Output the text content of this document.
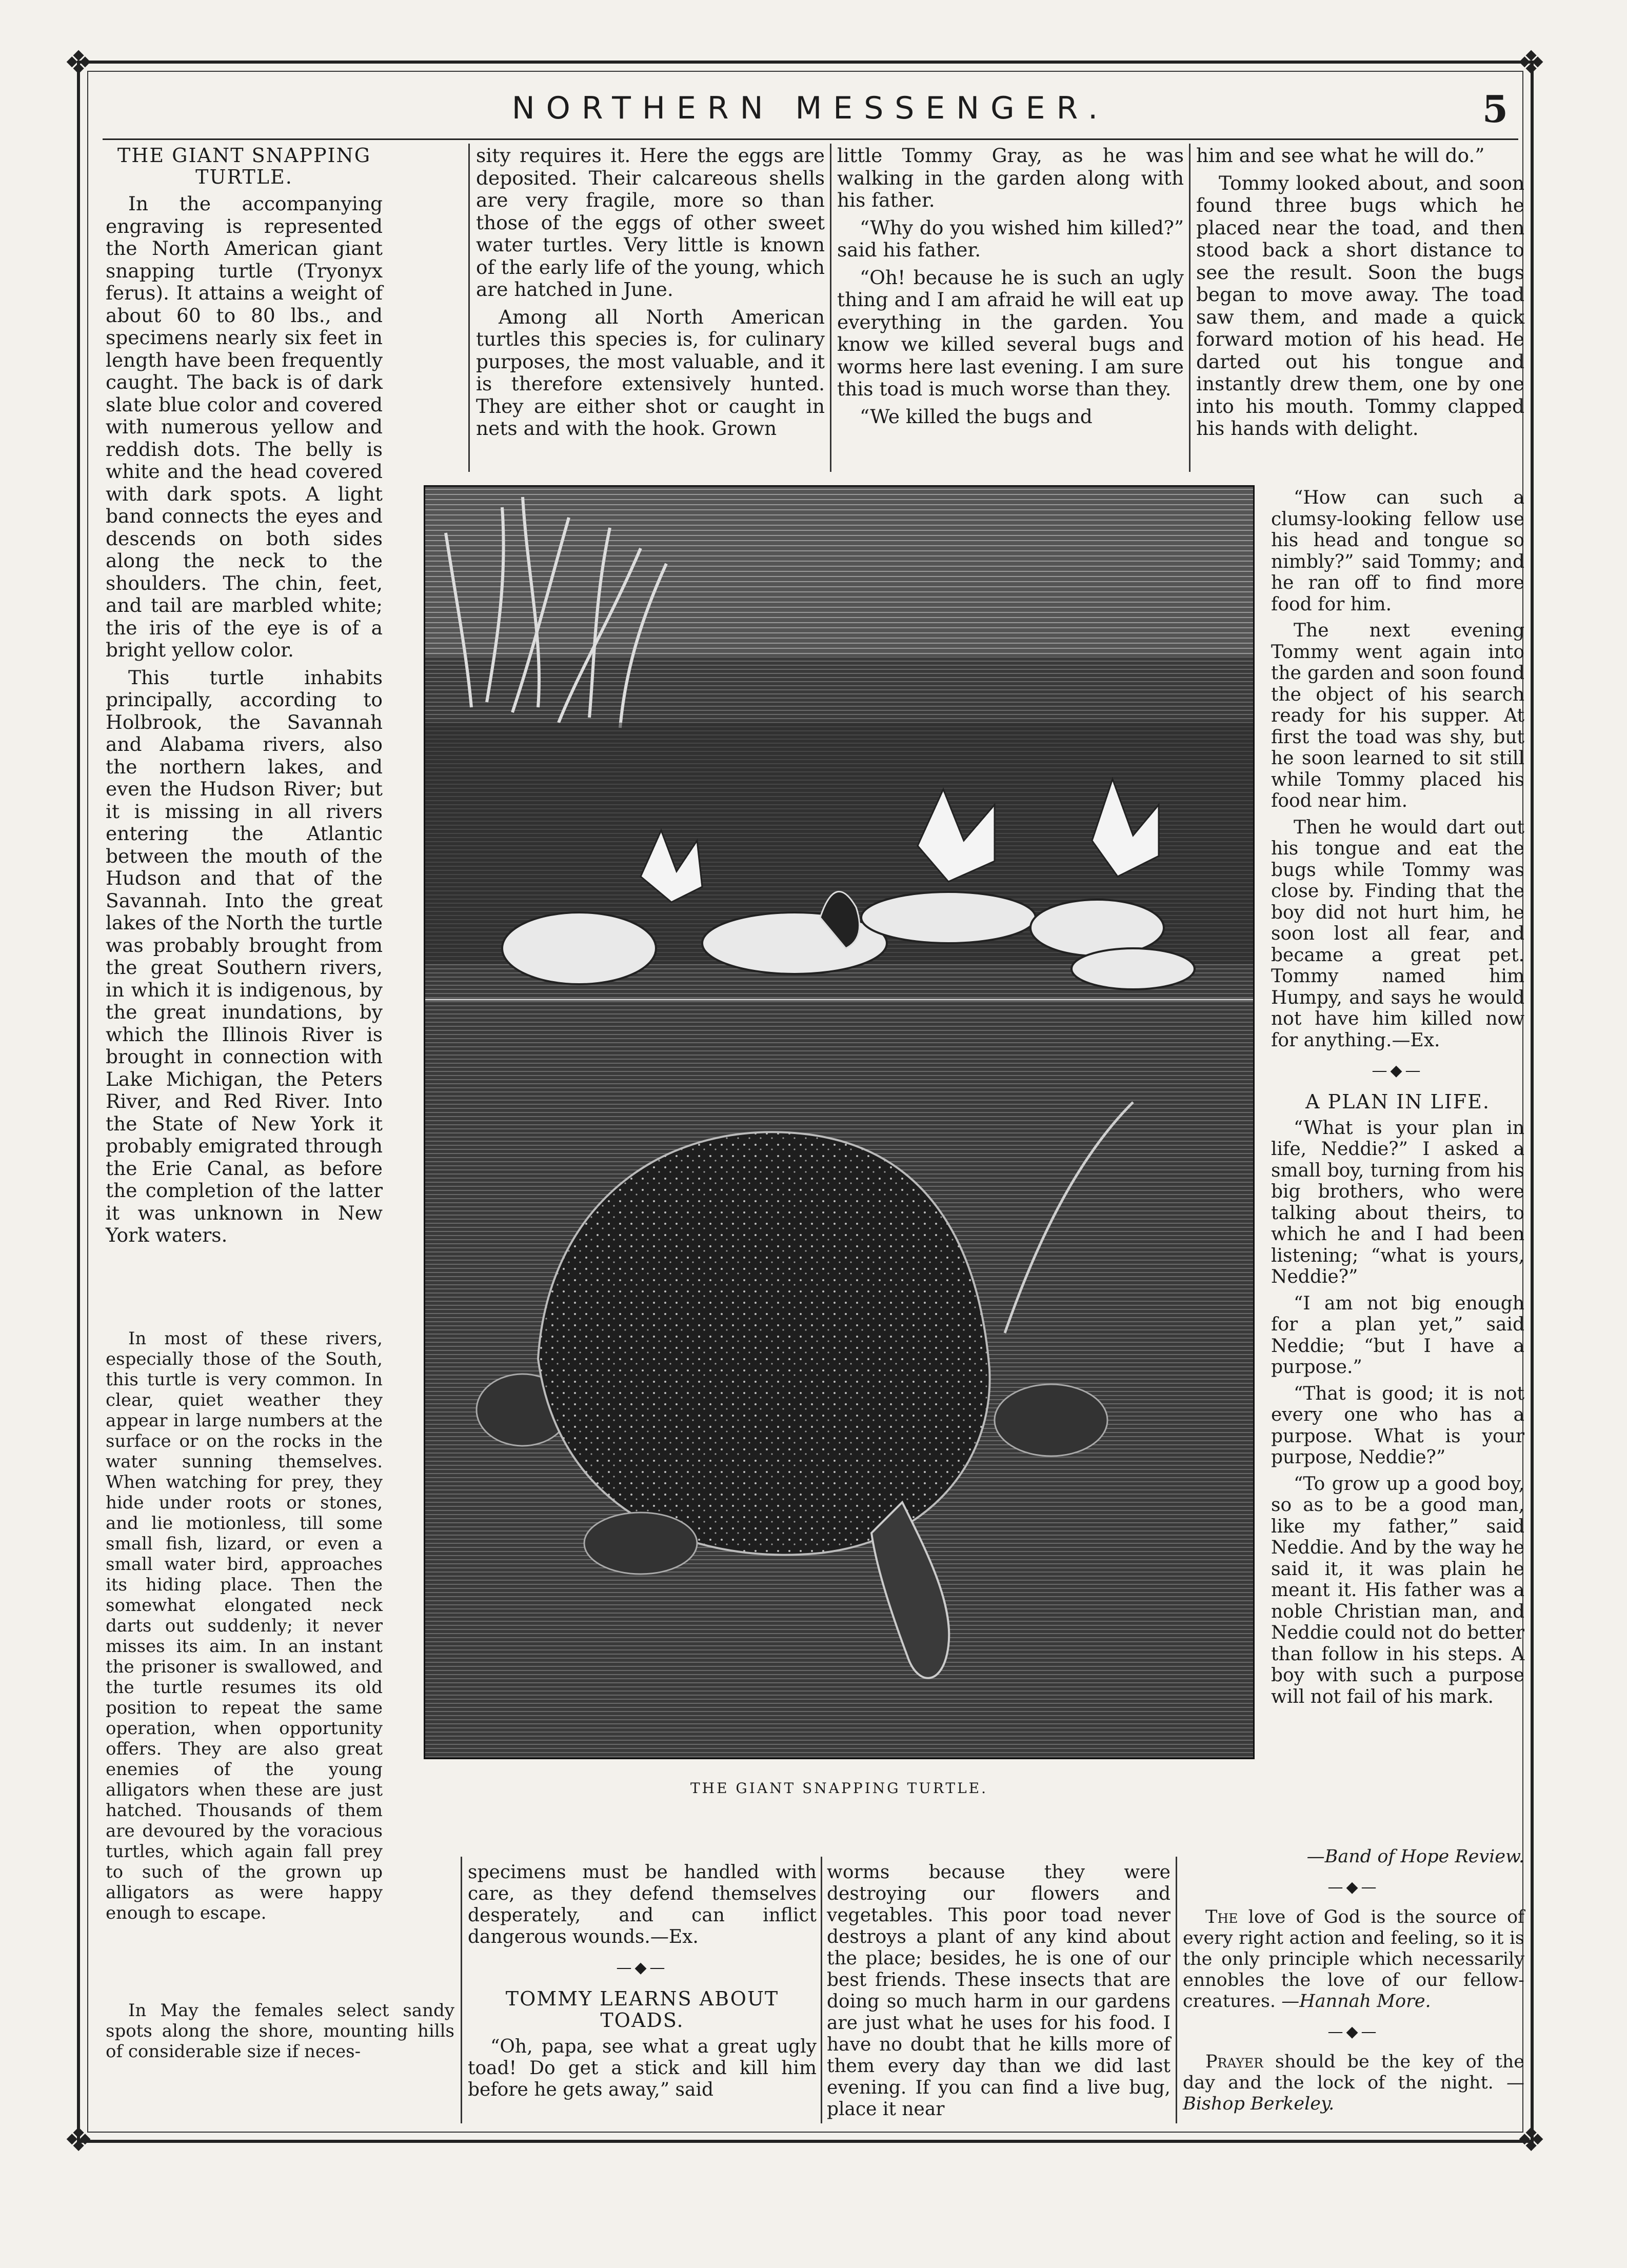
❖	❖
❖	❖
NORTHERN MESSENGER.	5
THE GIANT SNAPPING TURTLE.

In the accompanying engraving is represented the North American giant snapping turtle (Tryonyx ferus). It attains a weight of about 60 to 80 lbs., and specimens nearly six feet in length have been frequently caught. The back is of dark slate blue color and covered with numerous yellow and reddish dots. The belly is white and the head covered with dark spots. A light band connects the eyes and descends on both sides along the neck to the shoulders. The chin, feet, and tail are marbled white; the iris of the eye is of a bright yellow color.

This turtle inhabits principally, according to Holbrook, the Savannah and Alabama rivers, also the northern lakes, and even the Hudson River; but it is missing in all rivers entering the Atlantic between the mouth of the Hudson and that of the Savannah. Into the great lakes of the North the turtle was probably brought from the great Southern rivers, in which it is indigenous, by the great inundations, by which the Illinois River is brought in connection with Lake Michigan, the Peters River, and Red River. Into the State of New York it probably emigrated through the Erie Canal, as before the completion of the latter it was unknown in New York waters.

In most of these rivers, especially those of the South, this turtle is very common. In clear, quiet weather they appear in large numbers at the surface or on the rocks in the water sunning themselves. When watching for prey, they hide under roots or stones, and lie motionless, till some small fish, lizard, or even a small water bird, approaches its hiding place. Then the somewhat elongated neck darts out suddenly; it never misses its aim. In an instant the prisoner is swallowed, and the turtle resumes its old position to repeat the same operation, when opportunity offers. They are also great enemies of the young alligators when these are just hatched. Thousands of them are devoured by the voracious turtles, which again fall prey to such of the grown up alligators as were happy enough to escape.

In May the females select sandy spots along the shore, mounting hills of considerable size if neces-

sity requires it. Here the eggs are deposited. Their calcareous shells are very fragile, more so than those of the eggs of other sweet water turtles. Very little is known of the early life of the young, which are hatched in June.

Among all North American turtles this species is, for culinary purposes, the most valuable, and it is therefore extensively hunted. They are either shot or caught in nets and with the hook. Grown

little Tommy Gray, as he was walking in the garden along with his father.

“Why do you wished him killed?” said his father.

“Oh! because he is such an ugly thing and I am afraid he will eat up everything in the garden. You know we killed several bugs and worms here last evening. I am sure this toad is much worse than they.

“We killed the bugs and

him and see what he will do.”

Tommy looked about, and soon found three bugs which he placed near the toad, and then stood back a short distance to see the result. Soon the bugs began to move away. The toad saw them, and made a quick forward motion of his head. He darted out his tongue and instantly drew them, one by one into his mouth. Tommy clapped his hands with delight.

THE GIANT SNAPPING TURTLE.

“How can such a clumsy-looking fellow use his head and tongue so nimbly?” said Tommy; and he ran off to find more food for him.

The next evening Tommy went again into the garden and soon found the object of his search ready for his supper. At first the toad was shy, but he soon learned to sit still while Tommy placed his food near him.

Then he would dart out his tongue and eat the bugs while Tommy was close by. Finding that the boy did not hurt him, he soon lost all fear, and became a great pet. Tommy named him Humpy, and says he would not have him killed now for anything.—Ex.

—◆—
A PLAN IN LIFE.

“What is your plan in life, Neddie?” I asked a small boy, turning from his big brothers, who were talking about theirs, to which he and I had been listening; “what is yours, Neddie?”

“I am not big enough for a plan yet,” said Neddie; “but I have a purpose.”

“That is good; it is not every one who has a purpose. What is your purpose, Neddie?”

“To grow up a good boy, so as to be a good man, like my father,” said Neddie. And by the way he said it, it was plain he meant it. His father was a noble Christian man, and Neddie could not do better than follow in his steps. A boy with such a purpose will not fail of his mark.

specimens must be handled with care, as they defend themselves desperately, and can inflict dangerous wounds.—Ex.

—◆—
TOMMY LEARNS ABOUT TOADS.

“Oh, papa, see what a great ugly toad! Do get a stick and kill him before he gets away,” said

worms because they were destroying our flowers and vegetables. This poor toad never destroys a plant of any kind about the place; besides, he is one of our best friends. These insects that are doing so much harm in our gardens are just what he uses for his food. I have no doubt that he kills more of them every day than we did last evening. If you can find a live bug, place it near

—Band of Hope Review.
—◆—

The love of God is the source of every right action and feeling, so it is the only principle which necessarily ennobles the love of our fellow-creatures. —Hannah More.

—◆—

Prayer should be the key of the day and the lock of the night. —Bishop Berkeley.
